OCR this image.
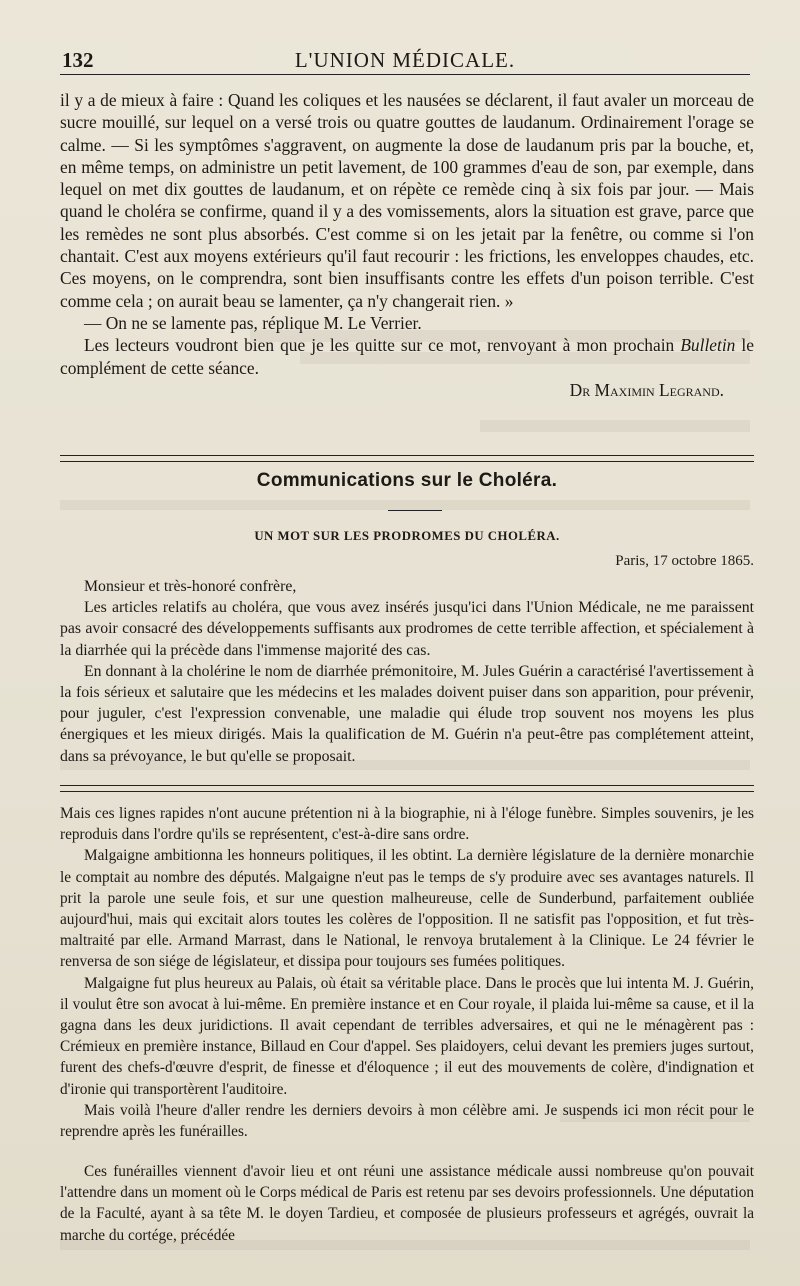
132	L'UNION MÉDICALE.

il y a de mieux à faire : Quand les coliques et les nausées se déclarent, il faut avaler un morceau de sucre mouillé, sur lequel on a versé trois ou quatre gouttes de laudanum. Ordinairement l'orage se calme. — Si les symptômes s'aggravent, on augmente la dose de laudanum pris par la bouche, et, en même temps, on administre un petit lavement, de 100 grammes d'eau de son, par exemple, dans lequel on met dix gouttes de laudanum, et on répète ce remède cinq à six fois par jour. — Mais quand le choléra se confirme, quand il y a des vomissements, alors la situation est grave, parce que les remèdes ne sont plus absorbés. C'est comme si on les jetait par la fenêtre, ou comme si l'on chantait. C'est aux moyens extérieurs qu'il faut recourir : les frictions, les enveloppes chaudes, etc. Ces moyens, on le comprendra, sont bien insuffisants contre les effets d'un poison terrible. C'est comme cela ; on aurait beau se lamenter, ça n'y changerait rien. »

— On ne se lamente pas, réplique M. Le Verrier.

Les lecteurs voudront bien que je les quitte sur ce mot, renvoyant à mon prochain Bulletin le complément de cette séance.

Dr Maximin Legrand.

Communications sur le Choléra.
UN MOT SUR LES PRODROMES DU CHOLÉRA.
Paris, 17 octobre 1865.

Monsieur et très-honoré confrère,

Les articles relatifs au choléra, que vous avez insérés jusqu'ici dans l'Union Médicale, ne me paraissent pas avoir consacré des développements suffisants aux prodromes de cette terrible affection, et spécialement à la diarrhée qui la précède dans l'immense majorité des cas.

En donnant à la cholérine le nom de diarrhée prémonitoire, M. Jules Guérin a caractérisé l'avertissement à la fois sérieux et salutaire que les médecins et les malades doivent puiser dans son apparition, pour prévenir, pour juguler, c'est l'expression convenable, une maladie qui élude trop souvent nos moyens les plus énergiques et les mieux dirigés. Mais la qualification de M. Guérin n'a peut-être pas complétement atteint, dans sa prévoyance, le but qu'elle se proposait.

Mais ces lignes rapides n'ont aucune prétention ni à la biographie, ni à l'éloge funèbre. Simples souvenirs, je les reproduis dans l'ordre qu'ils se représentent, c'est-à-dire sans ordre.

Malgaigne ambitionna les honneurs politiques, il les obtint. La dernière législature de la dernière monarchie le comptait au nombre des députés. Malgaigne n'eut pas le temps de s'y produire avec ses avantages naturels. Il prit la parole une seule fois, et sur une question malheureuse, celle de Sunderbund, parfaitement oubliée aujourd'hui, mais qui excitait alors toutes les colères de l'opposition. Il ne satisfit pas l'opposition, et fut très-maltraité par elle. Armand Marrast, dans le National, le renvoya brutalement à la Clinique. Le 24 février le renversa de son siége de législateur, et dissipa pour toujours ses fumées politiques.

Malgaigne fut plus heureux au Palais, où était sa véritable place. Dans le procès que lui intenta M. J. Guérin, il voulut être son avocat à lui-même. En première instance et en Cour royale, il plaida lui-même sa cause, et il la gagna dans les deux juridictions. Il avait cependant de terribles adversaires, et qui ne le ménagèrent pas : Crémieux en première instance, Billaud en Cour d'appel. Ses plaidoyers, celui devant les premiers juges surtout, furent des chefs-d'œuvre d'esprit, de finesse et d'éloquence ; il eut des mouvements de colère, d'indignation et d'ironie qui transportèrent l'auditoire.

Mais voilà l'heure d'aller rendre les derniers devoirs à mon célèbre ami. Je suspends ici mon récit pour le reprendre après les funérailles.

Ces funérailles viennent d'avoir lieu et ont réuni une assistance médicale aussi nombreuse qu'on pouvait l'attendre dans un moment où le Corps médical de Paris est retenu par ses devoirs professionnels. Une députation de la Faculté, ayant à sa tête M. le doyen Tardieu, et composée de plusieurs professeurs et agrégés, ouvrait la marche du cortége, précédée
